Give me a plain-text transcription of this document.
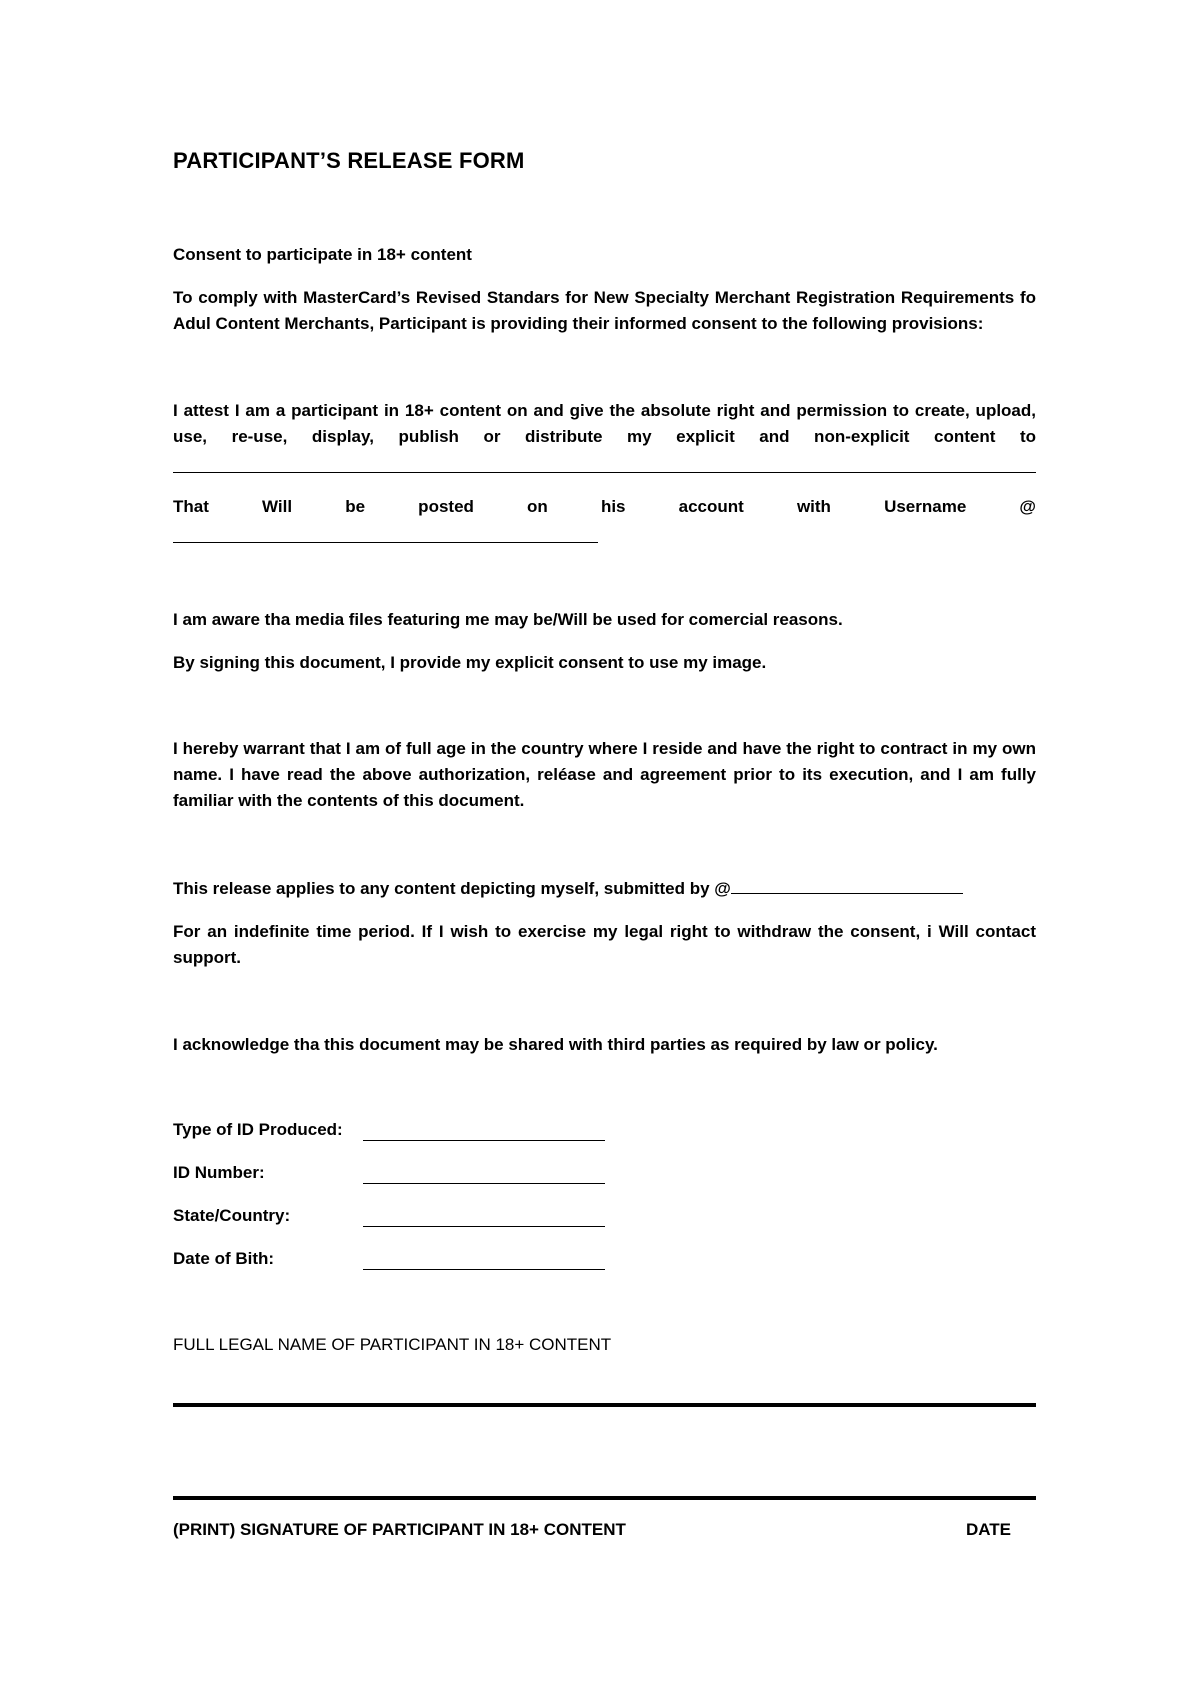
PARTICIPANT’S RELEASE FORM
Consent to participate in 18+ content
To comply with MasterCard’s Revised Standars for New Specialty Merchant Registration Requirements fo Adul Content Merchants, Participant is providing their informed consent to the following provisions:
I attest I am a participant in 18+ content on and give the absolute right and permission to create, upload,
use, re-use, display, publish or distribute my explicit and non-explicit content to
That Will be posted on his account with Username @
I am aware tha media files featuring me may be/Will be used for comercial reasons.
By signing this document, I provide my explicit consent to use my image.
I hereby warrant that I am of full age in the country where I reside and have the right to contract in my own name. I have read the above authorization, reléase and agreement prior to its execution, and I am fully familiar with the contents of this document.
This release applies to any content depicting myself, submitted by @
For an indefinite time period. If I wish to exercise my legal right to withdraw the consent, i Will contact support.
I acknowledge tha this document may be shared with third parties as required by law or policy.
Type of ID Produced:
ID Number:
State/Country:
Date of Bith:
FULL LEGAL NAME OF PARTICIPANT IN 18+ CONTENT
(PRINT) SIGNATURE OF PARTICIPANT IN 18+ CONTENT	DATE
